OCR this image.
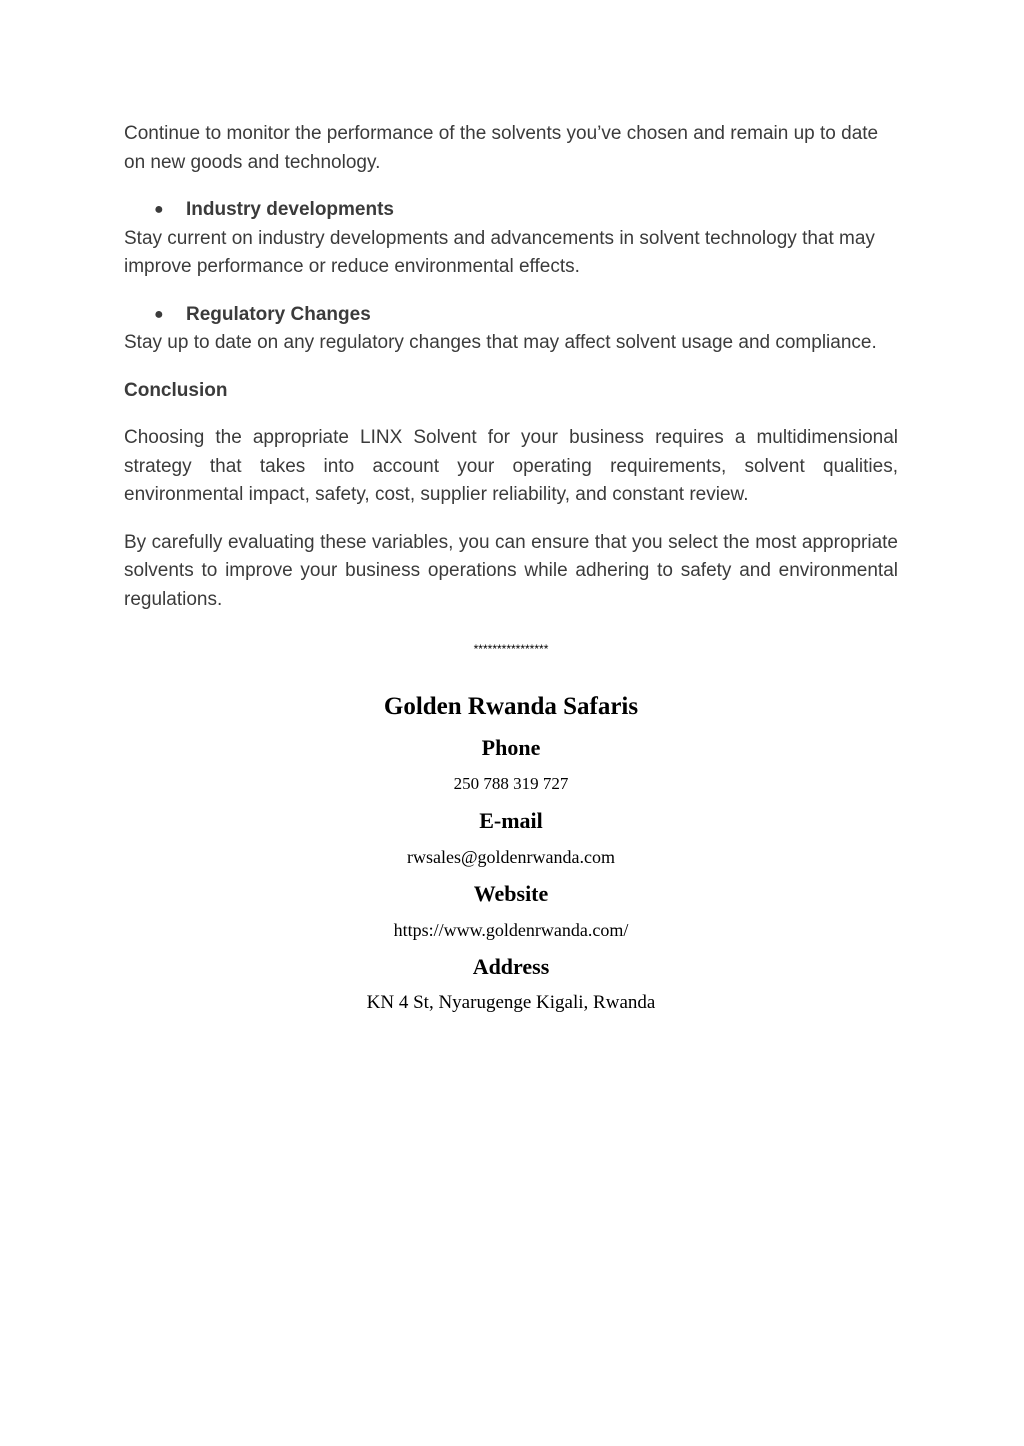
Continue to monitor the performance of the solvents you’ve chosen and remain up to date on new goods and technology.

● Industry developments

Stay current on industry developments and advancements in solvent technology that may improve performance or reduce environmental effects.

● Regulatory Changes

Stay up to date on any regulatory changes that may affect solvent usage and compliance.

Conclusion

Choosing the appropriate LINX Solvent for your business requires a multidimensional strategy that takes into account your operating requirements, solvent qualities, environmental impact, safety, cost, supplier reliability, and constant review.

By carefully evaluating these variables, you can ensure that you select the most appropriate solvents to improve your business operations while adhering to safety and environmental regulations.

****************
Golden Rwanda Safaris
Phone
250 788 319 727
E-mail
rwsales@goldenrwanda.com
Website
https://www.goldenrwanda.com/
Address
KN 4 St, Nyarugenge Kigali, Rwanda
